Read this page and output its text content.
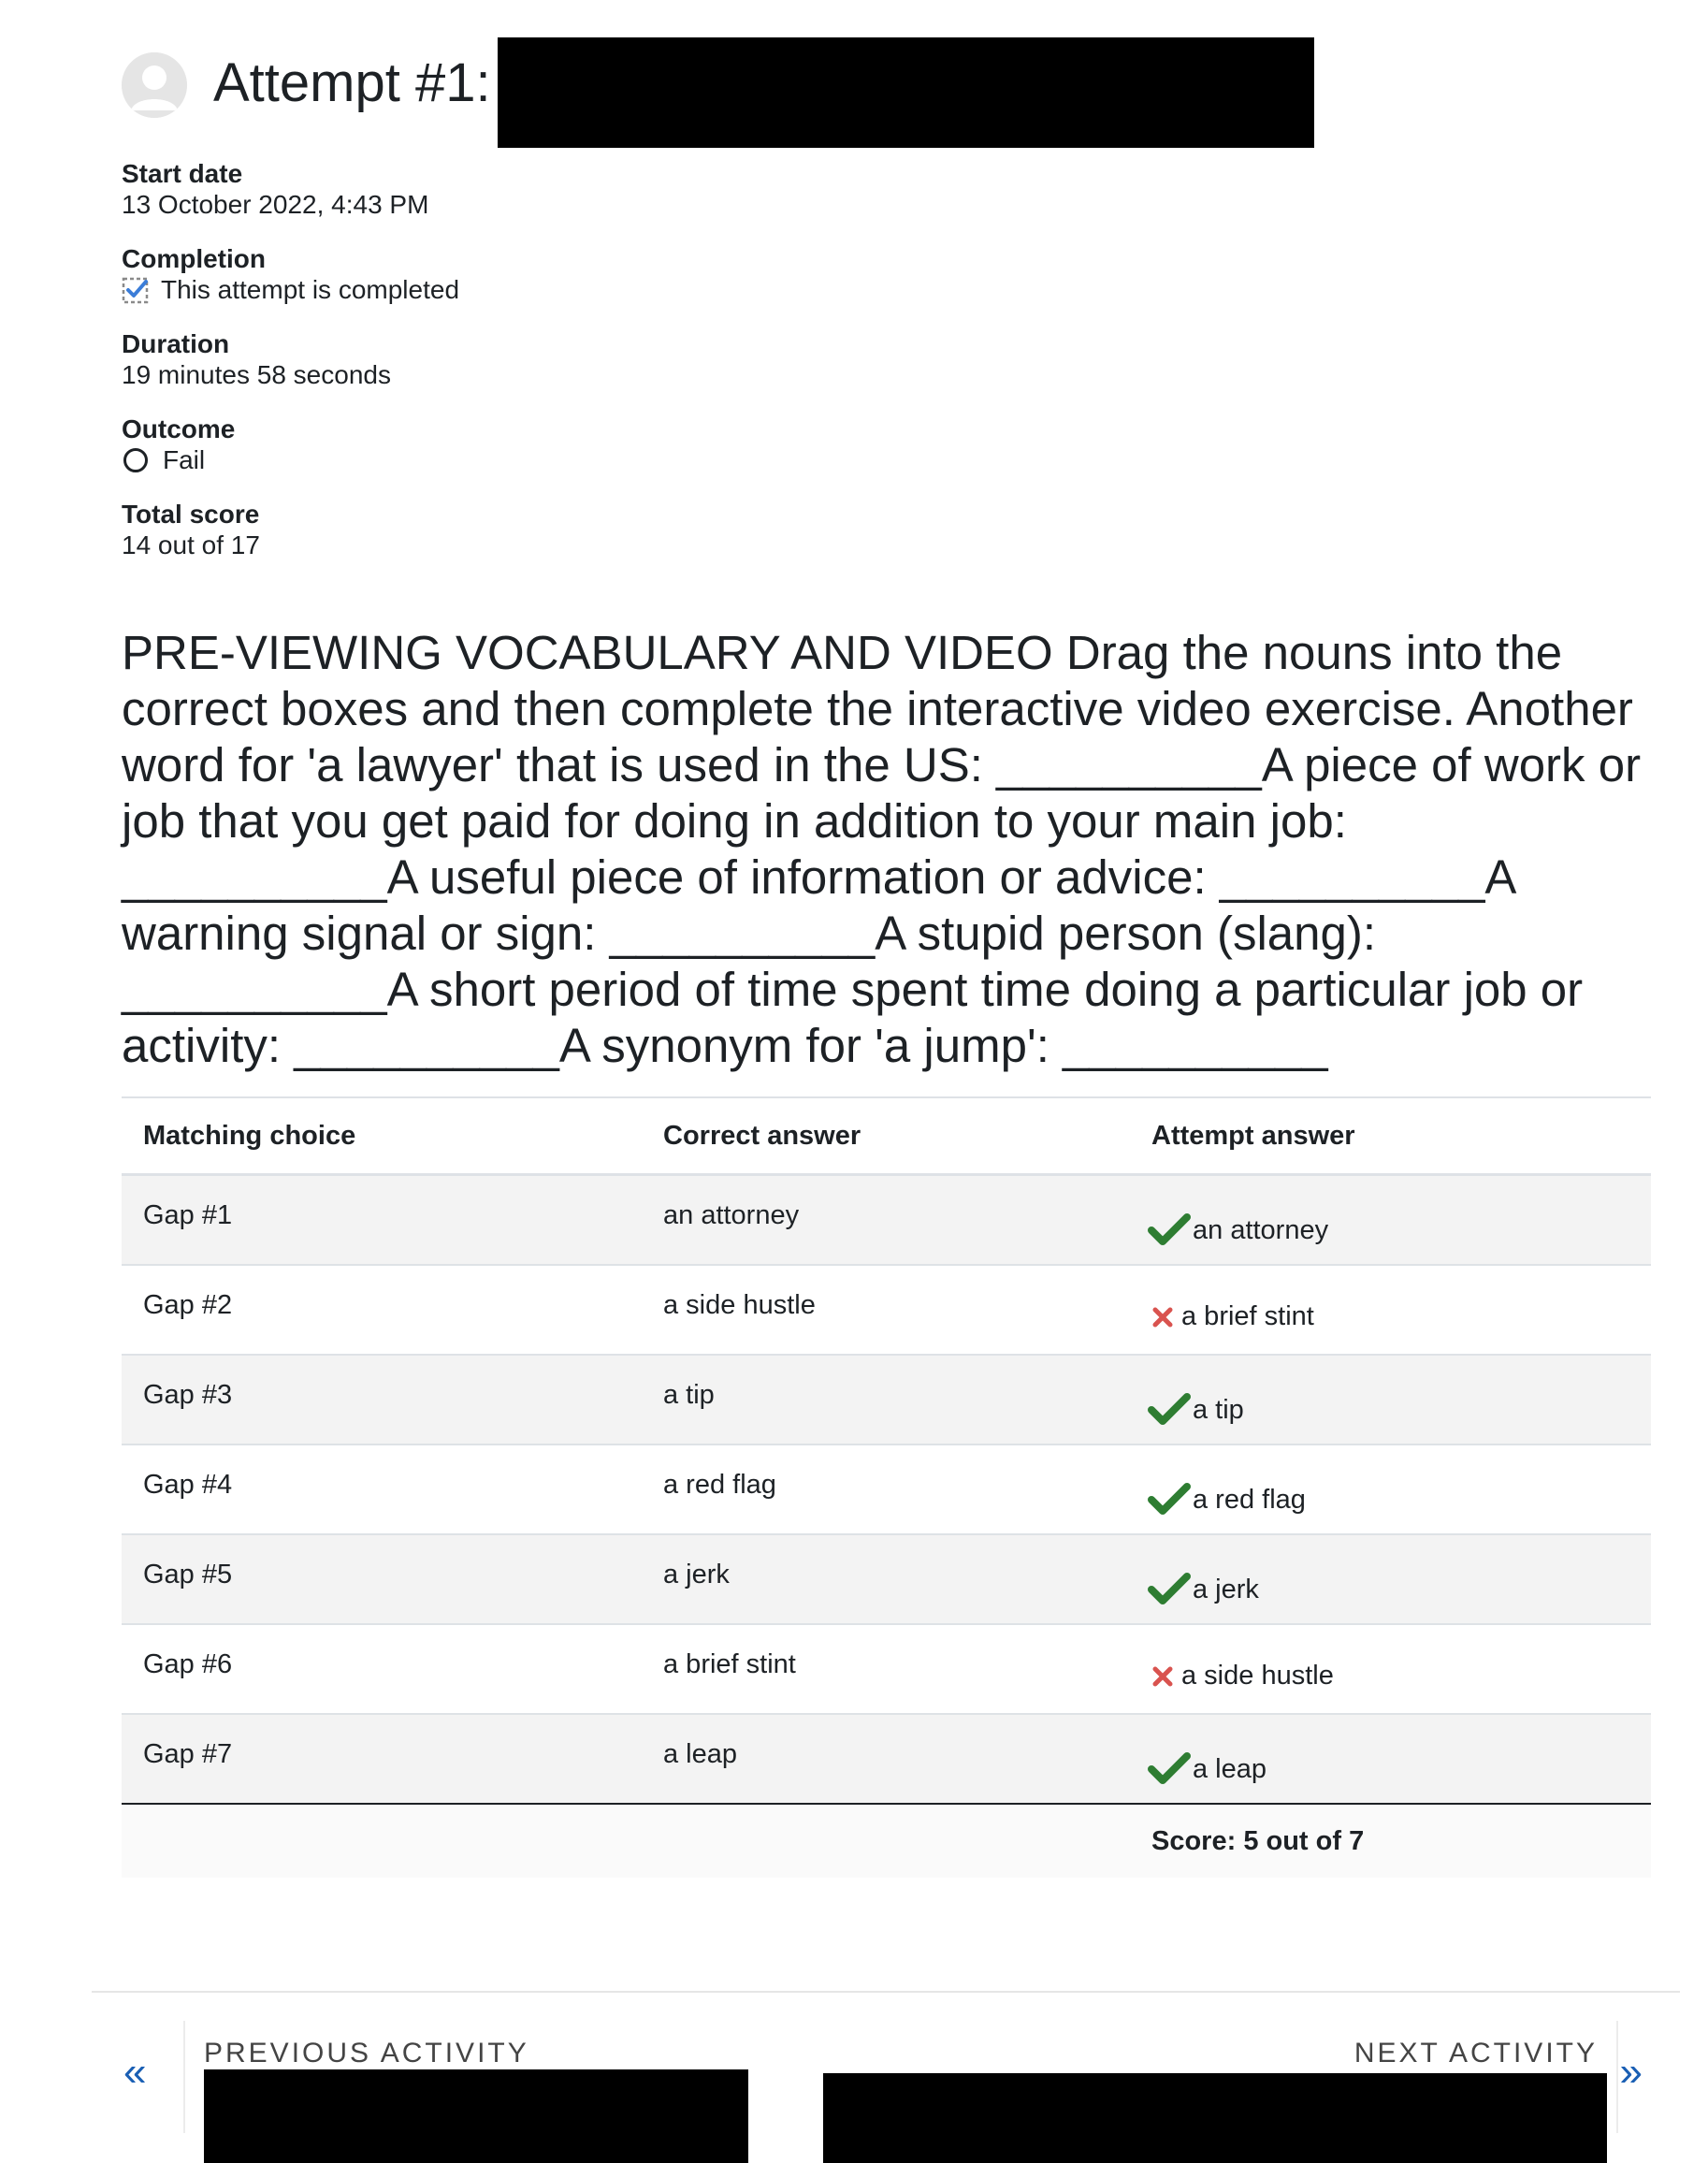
Attempt #1:
Start date
13 October 2022, 4:43 PM
Completion
This attempt is completed
Duration
19 minutes 58 seconds
Outcome
Fail
Total score
14 out of 17
PRE-VIEWING VOCABULARY AND VIDEO Drag the nouns into the correct boxes and then complete the interactive video exercise. Another word for 'a lawyer' that is used in the US: __________A piece of work or job that you get paid for doing in addition to your main job: __________A useful piece of information or advice: __________A warning signal or sign: __________A stupid person (slang): __________A short period of time spent time doing a particular job or activity: __________A synonym for 'a jump': __________
Matching choice	Correct answer	Attempt answer

Gap #1	an attorney	an attorney

Gap #2	a side hustle	a brief stint

Gap #3	a tip	a tip

Gap #4	a red flag	a red flag

Gap #5	a jerk	a jerk

Gap #6	a brief stint	a side hustle

Gap #7	a leap	a leap

		Score: 5 out of 7
« PREVIOUS ACTIVITY	NEXT ACTIVITY »
